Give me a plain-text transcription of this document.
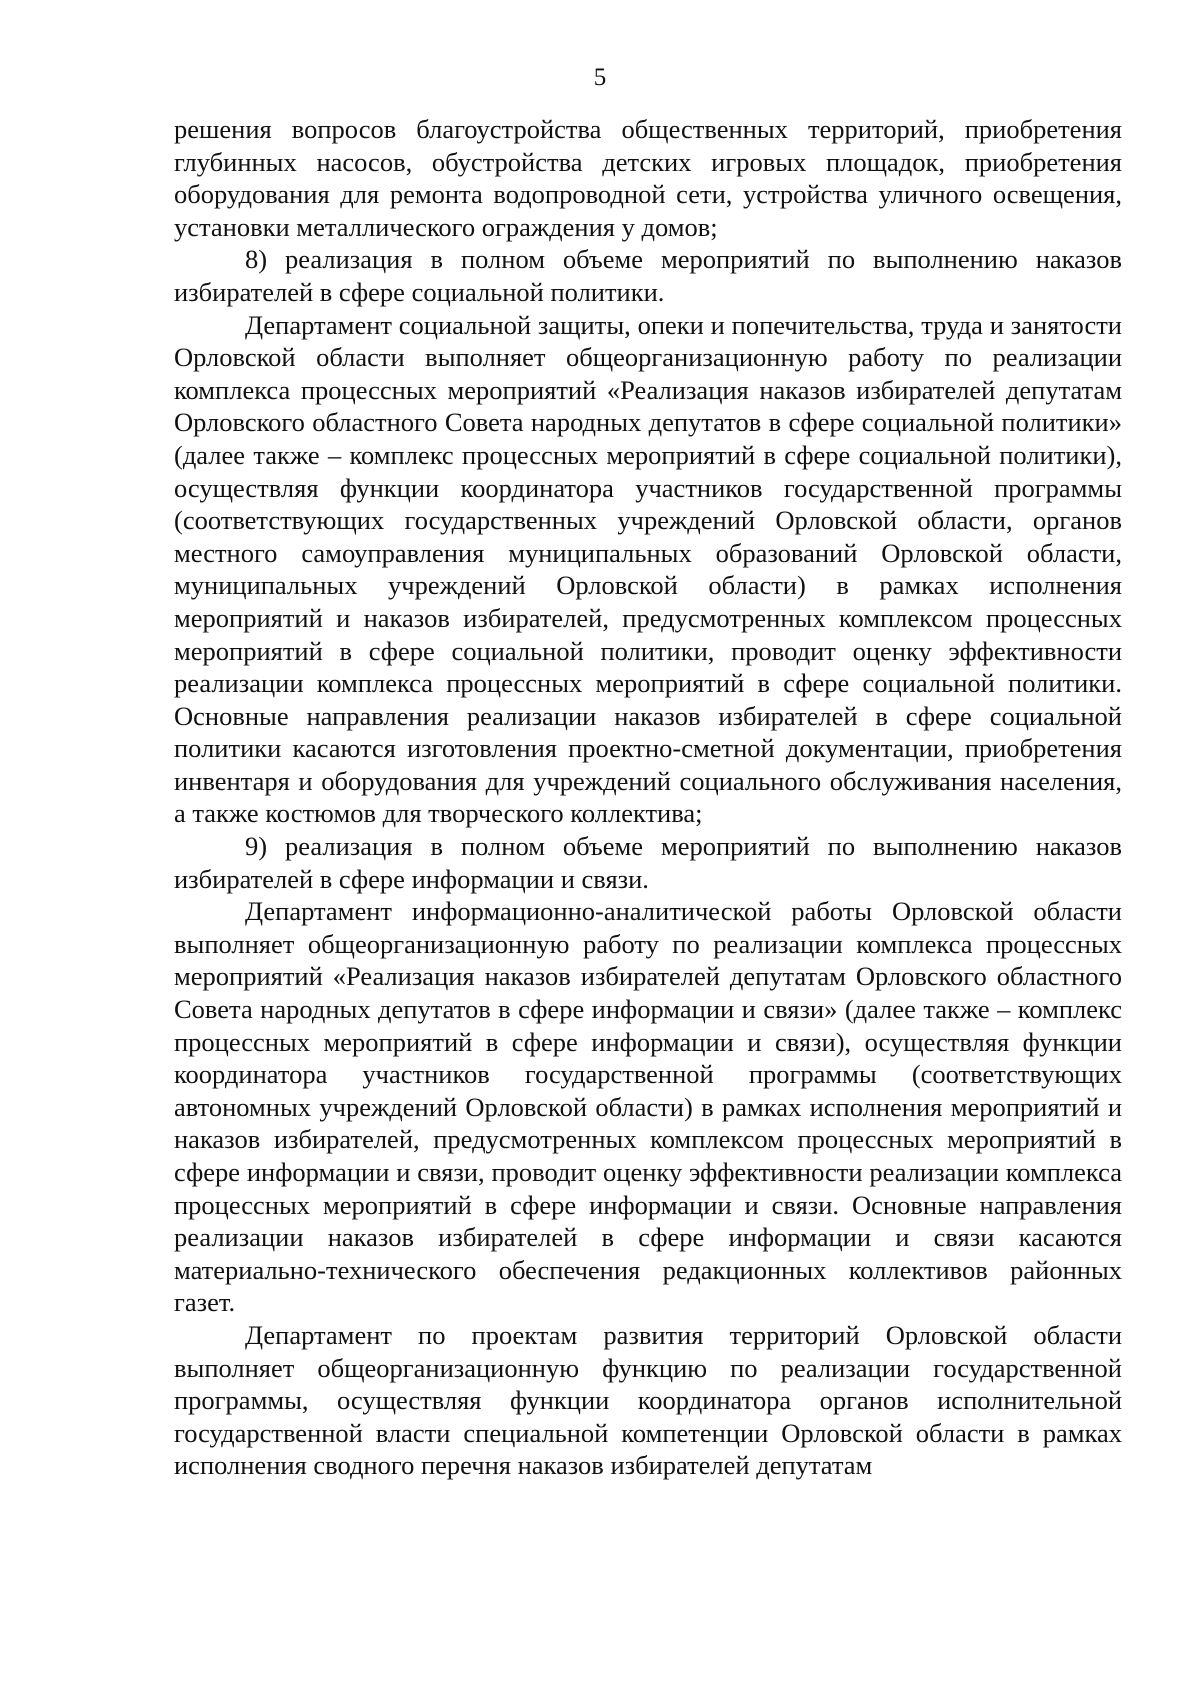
5

решения вопросов благоустройства общественных территорий, приобретения глубинных насосов, обустройства детских игровых площадок, приобретения оборудования для ремонта водопроводной сети, устройства уличного освещения, установки металлического ограждения у домов;

8) реализация в полном объеме мероприятий по выполнению наказов избирателей в сфере социальной политики.

Департамент социальной защиты, опеки и попечительства, труда и занятости Орловской области выполняет общеорганизационную работу по реализации комплекса процессных мероприятий «Реализация наказов избирателей депутатам Орловского областного Совета народных депутатов в сфере социальной политики» (далее также – комплекс процессных мероприятий в сфере социальной политики), осуществляя функции координатора участников государственной программы (соответствующих государственных учреждений Орловской области, органов местного самоуправления муниципальных образований Орловской области, муниципальных учреждений Орловской области) в рамках исполнения мероприятий и наказов избирателей, предусмотренных комплексом процессных мероприятий в сфере социальной политики, проводит оценку эффективности реализации комплекса процессных мероприятий в сфере социальной политики. Основные направления реализации наказов избирателей в сфере социальной политики касаются изготовления проектно-сметной документации, приобретения инвентаря и оборудования для учреждений социального обслуживания населения, а также костюмов для творческого коллектива;

9) реализация в полном объеме мероприятий по выполнению наказов избирателей в сфере информации и связи.

Департамент информационно-аналитической работы Орловской области выполняет общеорганизационную работу по реализации комплекса процессных мероприятий «Реализация наказов избирателей депутатам Орловского областного Совета народных депутатов в сфере информации и связи» (далее также – комплекс процессных мероприятий в сфере информации и связи), осуществляя функции координатора участников государственной программы (соответствующих автономных учреждений Орловской области) в рамках исполнения мероприятий и наказов избирателей, предусмотренных комплексом процессных мероприятий в сфере информации и связи, проводит оценку эффективности реализации комплекса процессных мероприятий в сфере информации и связи. Основные направления реализации наказов избирателей в сфере информации и связи касаются материально-технического обеспечения редакционных коллективов районных газет.

Департамент по проектам развития территорий Орловской области выполняет общеорганизационную функцию по реализации государственной программы, осуществляя функции координатора органов исполнительной государственной власти специальной компетенции Орловской области в рамках исполнения сводного перечня наказов избирателей депутатам
